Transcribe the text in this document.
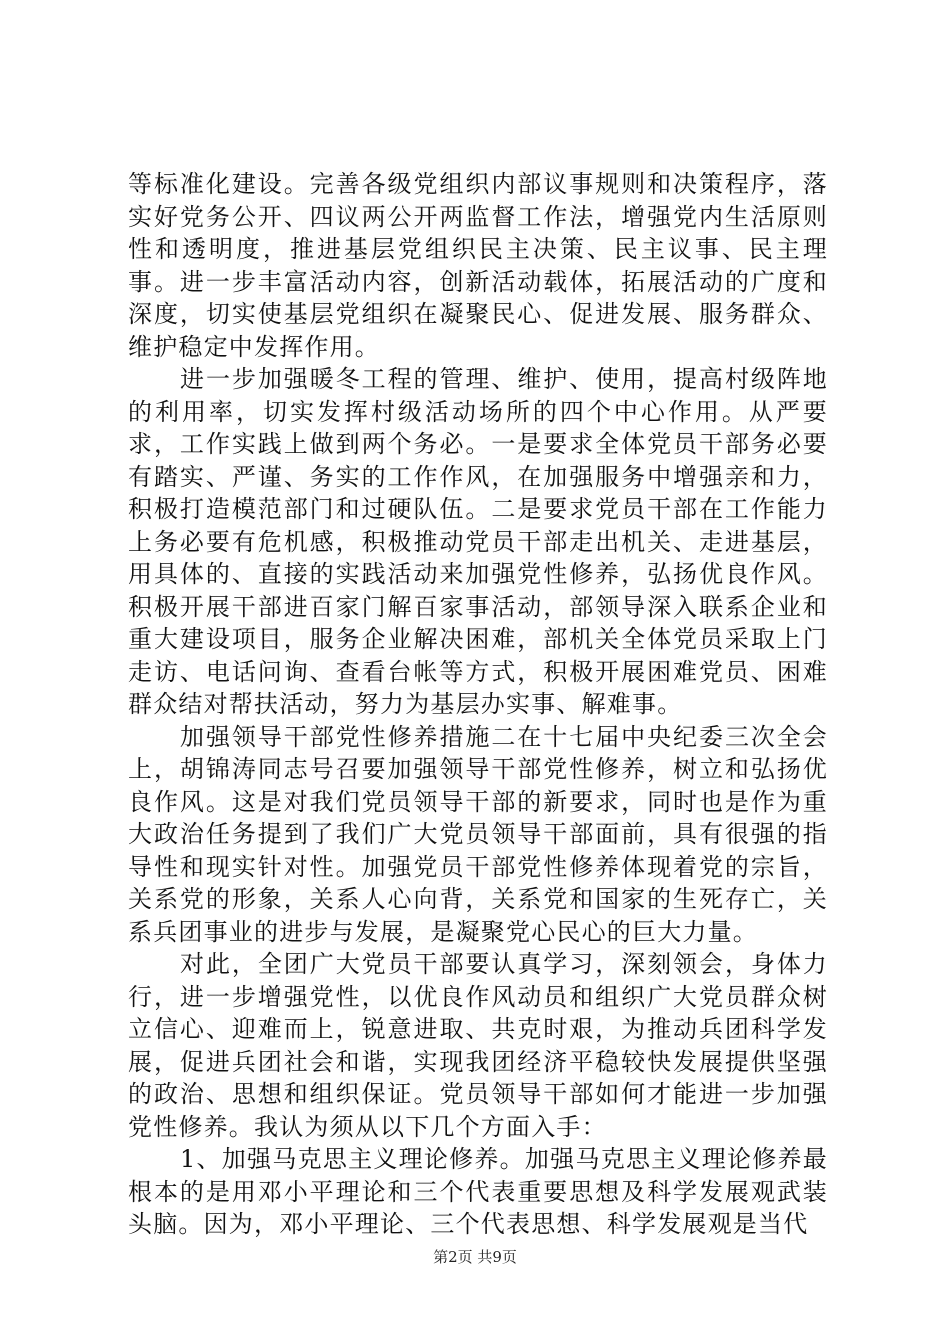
等标准化建设。完善各级党组织内部议事规则和决策程序，落实好党务公开、四议两公开两监督工作法，增强党内生活原则性和透明度，推进基层党组织民主决策、民主议事、民主理事。进一步丰富活动内容，创新活动载体，拓展活动的广度和深度，切实使基层党组织在凝聚民心、促进发展、服务群众、维护稳定中发挥作用。

进一步加强暖冬工程的管理、维护、使用，提高村级阵地的利用率，切实发挥村级活动场所的四个中心作用。从严要求，工作实践上做到两个务必。一是要求全体党员干部务必要有踏实、严谨、务实的工作作风，在加强服务中增强亲和力，积极打造模范部门和过硬队伍。二是要求党员干部在工作能力上务必要有危机感，积极推动党员干部走出机关、走进基层，用具体的、直接的实践活动来加强党性修养，弘扬优良作风。积极开展干部进百家门解百家事活动，部领导深入联系企业和重大建设项目，服务企业解决困难，部机关全体党员采取上门走访、电话问询、查看台帐等方式，积极开展困难党员、困难群众结对帮扶活动，努力为基层办实事、解难事。

加强领导干部党性修养措施二在十七届中央纪委三次全会上，胡锦涛同志号召要加强领导干部党性修养，树立和弘扬优良作风。这是对我们党员领导干部的新要求，同时也是作为重大政治任务提到了我们广大党员领导干部面前，具有很强的指导性和现实针对性。加强党员干部党性修养体现着党的宗旨，关系党的形象，关系人心向背，关系党和国家的生死存亡，关系兵团事业的进步与发展，是凝聚党心民心的巨大力量。

对此，全团广大党员干部要认真学习，深刻领会，身体力行，进一步增强党性，以优良作风动员和组织广大党员群众树立信心、迎难而上，锐意进取、共克时艰，为推动兵团科学发展，促进兵团社会和谐，实现我团经济平稳较快发展提供坚强的政治、思想和组织保证。党员领导干部如何才能进一步加强党性修养。我认为须从以下几个方面入手：

1、加强马克思主义理论修养。加强马克思主义理论修养最根本的是用邓小平理论和三个代表重要思想及科学发展观武装头脑。因为，邓小平理论、三个代表思想、科学发展观是当代

第2页 共9页
